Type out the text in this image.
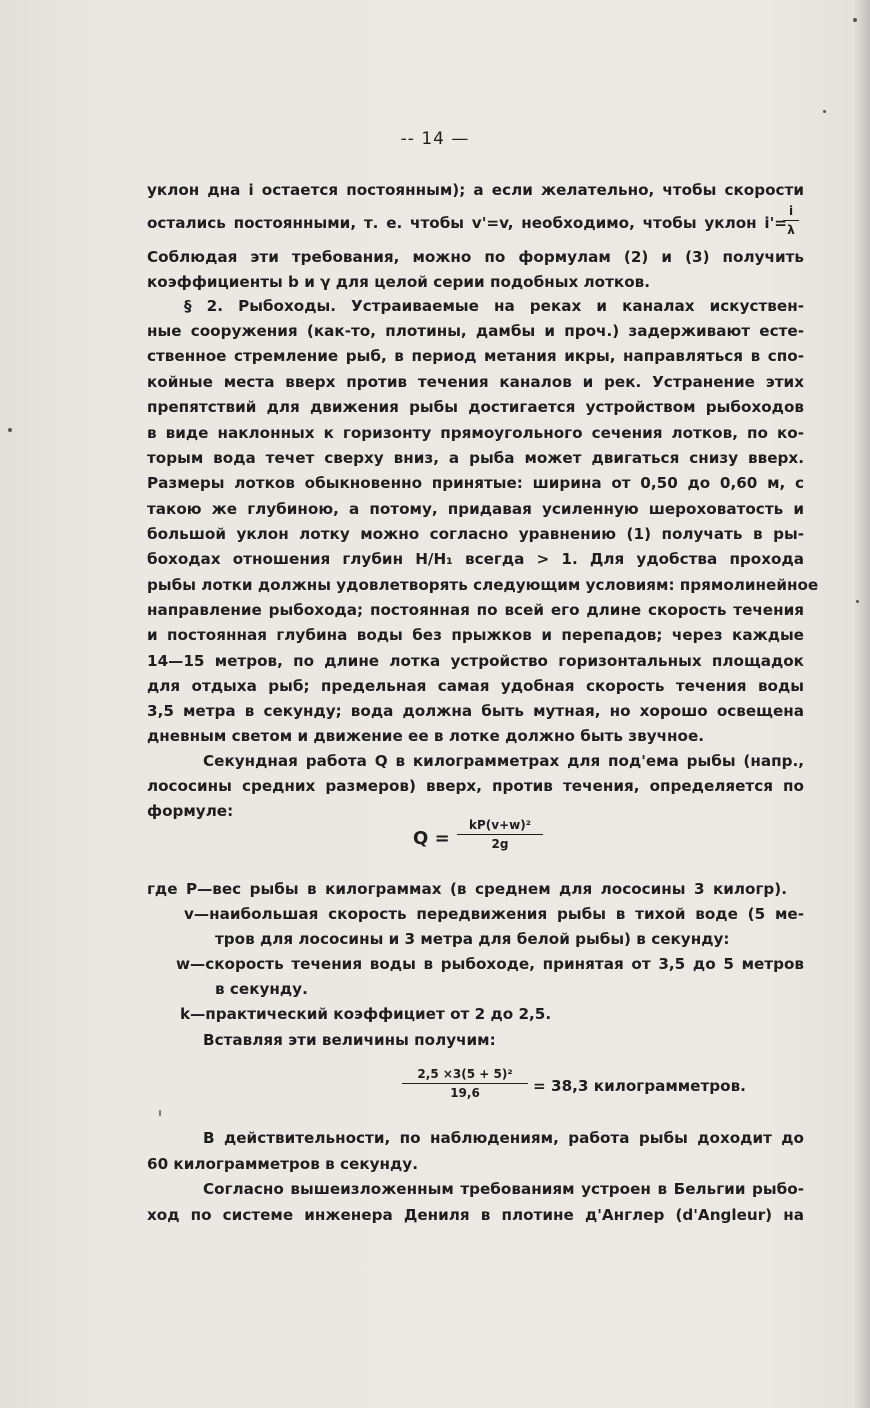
-- 14 —
уклон дна i остается постоянным); а если желательно, чтобы скорости
остались постоянными, т. е. чтобы v'=v, необходимо, чтобы уклон i'=
$\frac{i}{\lambda}$
Соблюдая эти требования, можно по формулам (2) и (3) получить
коэффициенты b и γ для целой серии подобных лотков.
§ 2. Рыбоходы. Устраиваемые на реках и каналах искуствен-
ные сооружения (как-то, плотины, дамбы и проч.) задерживают есте-
ственное стремление рыб, в период метания икры, направляться в спо-
койные места вверх против течения каналов и рек. Устранение этих
препятствий для движения рыбы достигается устройством рыбоходов
в виде наклонных к горизонту прямоугольного сечения лотков, по ко-
торым вода течет сверху вниз, а рыба может двигаться снизу вверх.
Размеры лотков обыкновенно принятые: ширина от 0,50 до 0,60 м, с
такою же глубиною, а потому, придавая усиленную шероховатость и
большой уклон лотку можно согласно уравнению (1) получать в ры-
боходах отношения глубин H/H₁ всегда > 1. Для удобства прохода
рыбы лотки должны удовлетворять следующим условиям: прямолинейное
направление рыбохода; постоянная по всей его длине скорость течения
и постоянная глубина воды без прыжков и перепадов; через каждые
14—15 метров, по длине лотка устройство горизонтальных площадок
для отдыха рыб; предельная самая удобная скорость течения воды
3,5 метра в секунду; вода должна быть мутная, но хорошо освещена
дневным светом и движение ее в лотке должно быть звучное.
Секундная работа Q в килограмметрах для под'ема рыбы (напр.,
лососины средних размеров) вверх, против течения, определяется по
формуле:
$Q = \frac{\text{kP(v+w)²}}{2g}$
где P—вес рыбы в килограммах (в среднем для лососины 3 килогр).
v—наибольшая скорость передвижения рыбы в тихой воде (5 ме-
тров для лососины и 3 метра для белой рыбы) в секунду:
w—скорость течения воды в рыбоходе, принятая от 3,5 до 5 метров
в секунду.
k—практический коэффициет от 2 до 2,5.
Вставляя эти величины получим:
$\frac{\text{2,5 ×3(5 + 5)²}}{19,6} = 38,3$ килограмметров.
В действительности, по наблюдениям, работа рыбы доходит до
60 килограмметров в секунду.
Согласно вышеизложенным требованиям устроен в Бельгии рыбо-
ход по системе инженера Дениля в плотине д'Англер (d'Angleur) на
